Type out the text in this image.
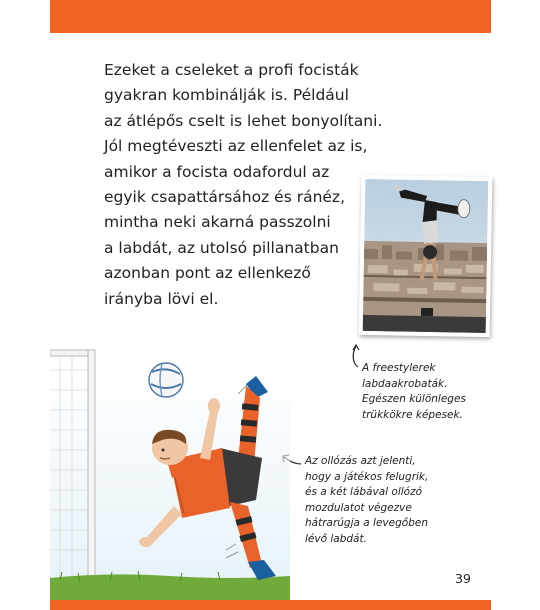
Ezeket a cseleket a profi focisták
gyakran kombinálják is. Például
az átlépős cselt is lehet bonyolítani.
Jól megtéveszti az ellenfelet az is,
amikor a focista odafordul az
egyik csapattársához és ránéz,
mintha neki akarná passzolni
a labdát, az utolsó pillanatban
azonban pont az ellenkező
irányba lövi el.
A freestylerek
labdaakrobaták.
Egészen különleges
trükkökre képesek.
Az ollózás azt jelenti,
hogy a játékos felugrik,
és a két lábával ollózó
mozdulatot végezve
hátrarúgja a levegőben
lévő labdát.
39
